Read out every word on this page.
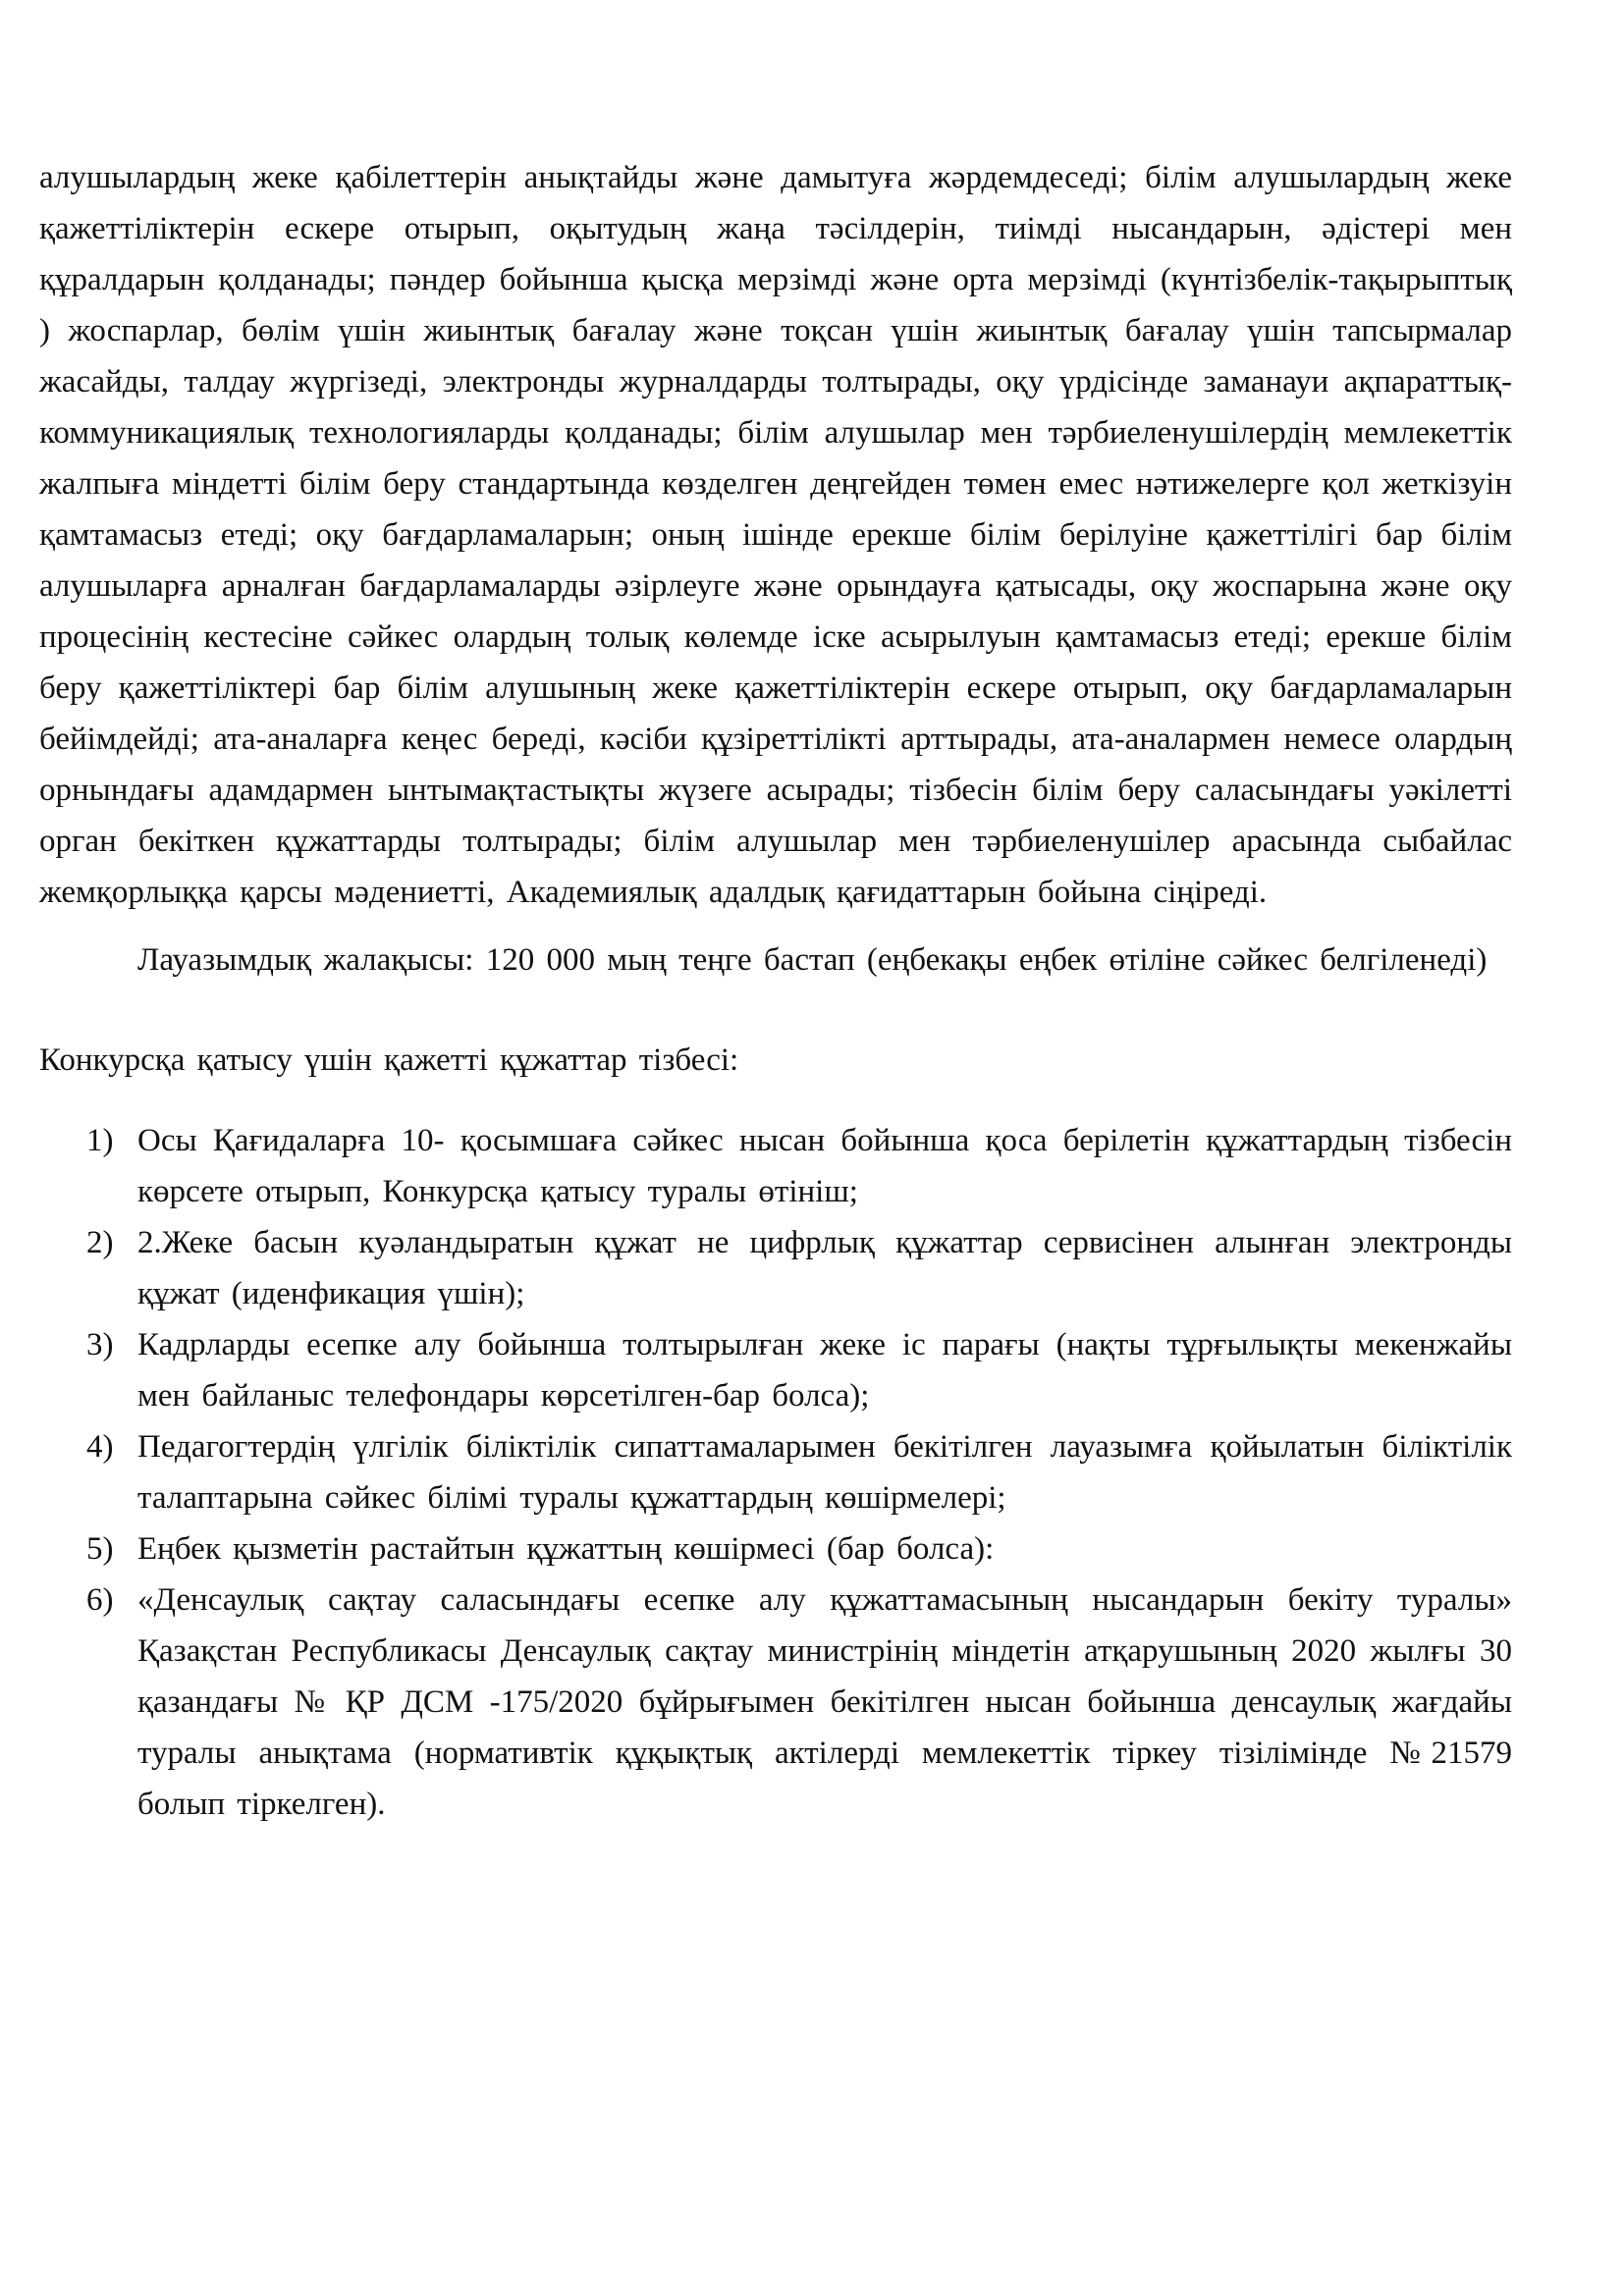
алушылардың жеке қабілеттерін анықтайды және дамытуға жәрдемдеседі; білім алушылардың жеке қажеттіліктерін ескере отырып, оқытудың жаңа тәсілдерін, тиімді нысандарын, әдістері мен құралдарын қолданады; пәндер бойынша қысқа мерзімді және орта мерзімді (күнтізбелік-тақырыптық ) жоспарлар, бөлім үшін жиынтық бағалау және тоқсан үшін жиынтық бағалау үшін тапсырмалар жасайды, талдау жүргізеді, электронды журналдарды толтырады, оқу үрдісінде заманауи ақпараттық-коммуникациялық технологияларды қолданады; білім алушылар мен тәрбиеленушілердің мемлекеттік жалпыға міндетті білім беру стандартында көзделген деңгейден төмен емес нәтижелерге қол жеткізуін қамтамасыз етеді; оқу бағдарламаларын; оның ішінде ерекше білім берілуіне қажеттілігі бар білім алушыларға арналған бағдарламаларды әзірлеуге және орындауға қатысады, оқу жоспарына және оқу процесінің кестесіне сәйкес олардың толық көлемде іске асырылуын қамтамасыз етеді; ерекше білім беру қажеттіліктері бар білім алушының жеке қажеттіліктерін ескере отырып, оқу бағдарламаларын бейімдейді; ата-аналарға кеңес береді, кәсіби құзіреттілікті арттырады, ата-аналармен немесе олардың орнындағы адамдармен ынтымақтастықты жүзеге асырады; тізбесін білім беру саласындағы уәкілетті орган бекіткен құжаттарды толтырады; білім алушылар мен тәрбиеленушілер арасында сыбайлас жемқорлыққа қарсы мәдениетті, Академиялық адалдық қағидаттарын бойына сіңіреді.

Лауазымдық жалақысы: 120 000 мың теңге бастап (еңбекақы еңбек өтіліне сәйкес белгіленеді)

Конкурсқа қатысу үшін қажетті құжаттар тізбесі:

1) Осы Қағидаларға 10- қосымшаға сәйкес нысан бойынша қоса берілетін құжаттардың тізбесін көрсете отырып, Конкурсқа қатысу туралы өтініш;
2) 2.Жеке басын куәландыратын құжат не цифрлық құжаттар сервисінен алынған электронды құжат (иденфикация үшін);
3) Кадрларды есепке алу бойынша толтырылған жеке іс парағы (нақты тұрғылықты мекенжайы мен байланыс телефондары көрсетілген-бар болса);
4) Педагогтердің үлгілік біліктілік сипаттамаларымен бекітілген лауазымға қойылатын біліктілік талаптарына сәйкес білімі туралы құжаттардың көшірмелері;
5) Еңбек қызметін растайтын құжаттың көшірмесі (бар болса):
6) «Денсаулық сақтау саласындағы есепке алу құжаттамасының нысандарын бекіту туралы» Қазақстан Республикасы Денсаулық сақтау министрінің міндетін атқарушының 2020 жылғы 30 қазандағы № ҚР ДСМ -175/2020 бұйрығымен бекітілген нысан бойынша денсаулық жағдайы туралы анықтама (нормативтік құқықтық актілерді мемлекеттік тіркеу тізілімінде №21579 болып тіркелген).
